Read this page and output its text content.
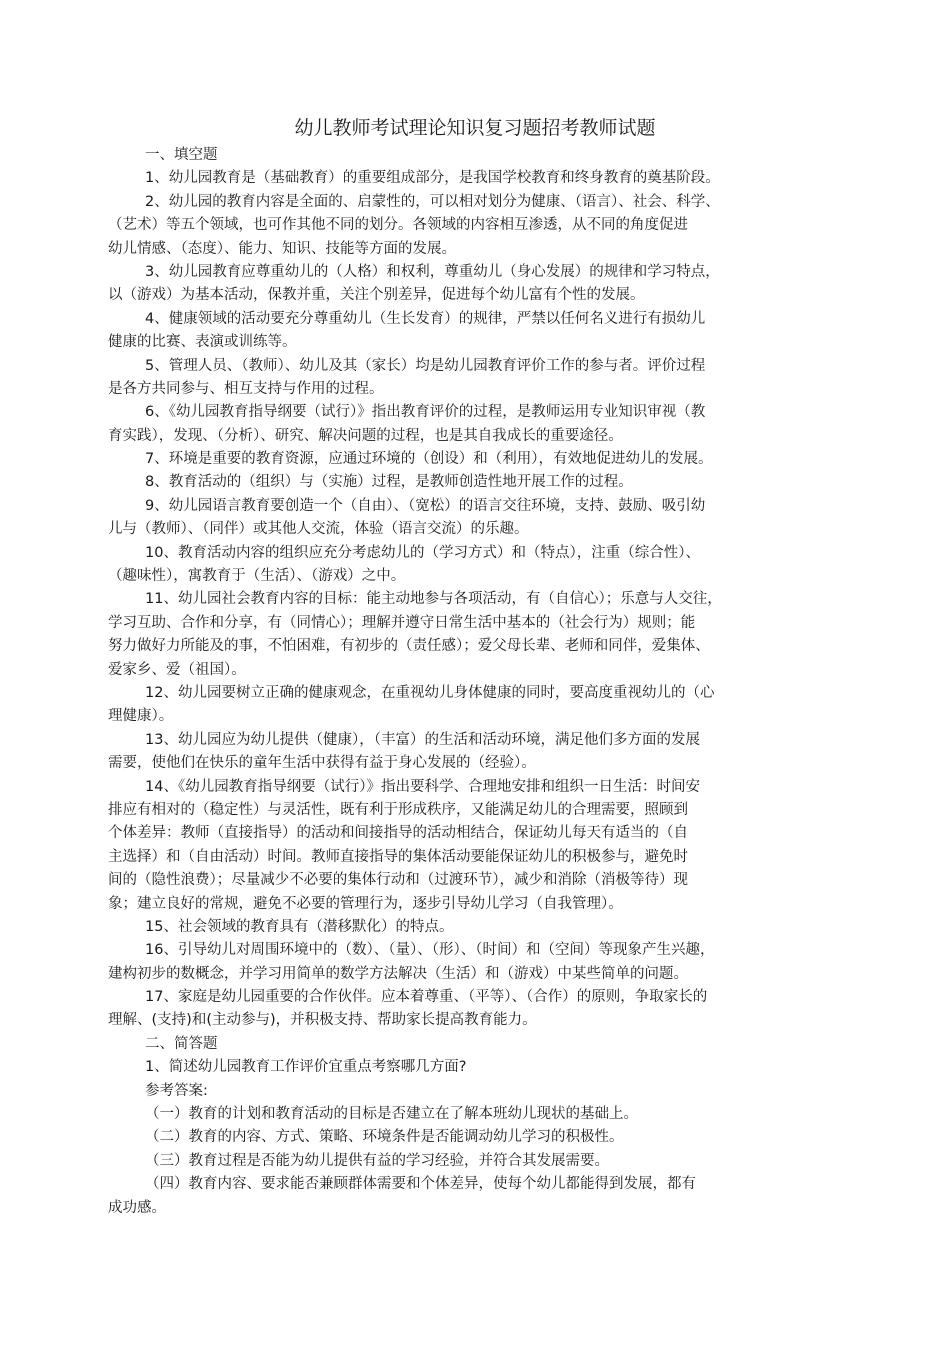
幼儿教师考试理论知识复习题招考教师试题
一、填空题
1、幼儿园教育是（基础教育）的重要组成部分，是我国学校教育和终身教育的奠基阶段。
2、幼儿园的教育内容是全面的、启蒙性的，可以相对划分为健康、（语言）、社会、科学、
（艺术）等五个领域，也可作其他不同的划分。各领域的内容相互渗透，从不同的角度促进
幼儿情感、（态度）、能力、知识、技能等方面的发展。
3、幼儿园教育应尊重幼儿的（人格）和权利，尊重幼儿（身心发展）的规律和学习特点，
以（游戏）为基本活动，保教并重，关注个别差异，促进每个幼儿富有个性的发展。
4、健康领域的活动要充分尊重幼儿（生长发育）的规律，严禁以任何名义进行有损幼儿
健康的比赛、表演或训练等。
5、管理人员、（教师）、幼儿及其（家长）均是幼儿园教育评价工作的参与者。评价过程
是各方共同参与、相互支持与作用的过程。
6、《幼儿园教育指导纲要（试行）》指出教育评价的过程，是教师运用专业知识审视（教
育实践），发现、（分析）、研究、解决问题的过程，也是其自我成长的重要途径。
7、环境是重要的教育资源，应通过环境的（创设）和（利用），有效地促进幼儿的发展。
8、教育活动的（组织）与（实施）过程，是教师创造性地开展工作的过程。
9、幼儿园语言教育要创造一个（自由）、（宽松）的语言交往环境，支持、鼓励、吸引幼
儿与（教师）、（同伴）或其他人交流，体验（语言交流）的乐趣。
10、教育活动内容的组织应充分考虑幼儿的（学习方式）和（特点），注重（综合性）、
（趣味性），寓教育于（生活）、（游戏）之中。
11、幼儿园社会教育内容的目标：能主动地参与各项活动，有（自信心）；乐意与人交往，
学习互助、合作和分享，有（同情心）；理解并遵守日常生活中基本的（社会行为）规则；能
努力做好力所能及的事，不怕困难，有初步的（责任感）；爱父母长辈、老师和同伴，爱集体、
爱家乡、爱（祖国）。
12、幼儿园要树立正确的健康观念，在重视幼儿身体健康的同时，要高度重视幼儿的（心
理健康）。
13、幼儿园应为幼儿提供（健康），（丰富）的生活和活动环境，满足他们多方面的发展
需要，使他们在快乐的童年生活中获得有益于身心发展的（经验）。
14、《幼儿园教育指导纲要（试行）》指出要科学、合理地安排和组织一日生活：时间安
排应有相对的（稳定性）与灵活性，既有利于形成秩序，又能满足幼儿的合理需要，照顾到
个体差异：教师（直接指导）的活动和间接指导的活动相结合，保证幼儿每天有适当的（自
主选择）和（自由活动）时间。教师直接指导的集体活动要能保证幼儿的积极参与，避免时
间的（隐性浪费）；尽量减少不必要的集体行动和（过渡环节），减少和消除（消极等待）现
象；建立良好的常规，避免不必要的管理行为，逐步引导幼儿学习（自我管理）。
15、社会领域的教育具有（潜移默化）的特点。
16、引导幼儿对周围环境中的（数）、（量）、（形）、（时间）和（空间）等现象产生兴趣，
建构初步的数概念，并学习用简单的数学方法解决（生活）和（游戏）中某些简单的问题。
17、家庭是幼儿园重要的合作伙伴。应本着尊重、（平等）、（合作）的原则，争取家长的
理解、(支持)和(主动参与)，并积极支持、帮助家长提高教育能力。
二、简答题
1、简述幼儿园教育工作评价宜重点考察哪几方面?
参考答案:
（一）教育的计划和教育活动的目标是否建立在了解本班幼儿现状的基础上。
（二）教育的内容、方式、策略、环境条件是否能调动幼儿学习的积极性。
（三）教育过程是否能为幼儿提供有益的学习经验，并符合其发展需要。
（四）教育内容、要求能否兼顾群体需要和个体差异，使每个幼儿都能得到发展，都有
成功感。
